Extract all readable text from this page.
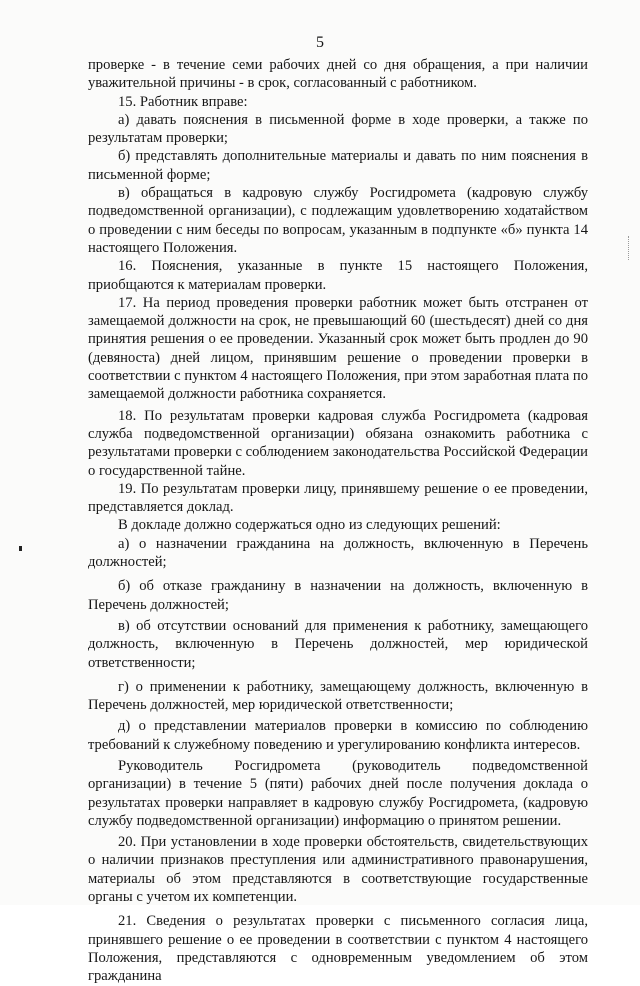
5

проверке - в течение семи рабочих дней со дня обращения, а при наличии уважительной причины - в срок, согласованный с работником.

15. Работник вправе:

а) давать пояснения в письменной форме в ходе проверки, а также по результатам проверки;

б) представлять дополнительные материалы и давать по ним пояснения в письменной форме;

в) обращаться в кадровую службу Росгидромета (кадровую службу подведомственной организации), с подлежащим удовлетворению ходатайством о проведении с ним беседы по вопросам, указанным в подпункте «б» пункта 14 настоящего Положения.

16. Пояснения, указанные в пункте 15 настоящего Положения, приобщаются к материалам проверки.

17. На период проведения проверки работник может быть отстранен от замещаемой должности на срок, не превышающий 60 (шестьдесят) дней со дня принятия решения о ее проведении. Указанный срок может быть продлен до 90 (девяноста) дней лицом, принявшим решение о проведении проверки в соответствии с пунктом 4 настоящего Положения, при этом заработная плата по замещаемой должности работника сохраняется.

18. По результатам проверки кадровая служба Росгидромета (кадровая служба подведомственной организации) обязана ознакомить работника с результатами проверки с соблюдением законодательства Российской Федерации о государственной тайне.

19. По результатам проверки лицу, принявшему решение о ее проведении, представляется доклад.

В докладе должно содержаться одно из следующих решений:

а) о назначении гражданина на должность, включенную в Перечень должностей;

б) об отказе гражданину в назначении на должность, включенную в Перечень должностей;

в) об отсутствии оснований для применения к работнику, замещающего должность, включенную в Перечень должностей, мер юридической ответственности;

г) о применении к работнику, замещающему должность, включенную в Перечень должностей, мер юридической ответственности;

д) о представлении материалов проверки в комиссию по соблюдению требований к служебному поведению и урегулированию конфликта интересов.

Руководитель Росгидромета (руководитель подведомственной организации) в течение 5 (пяти) рабочих дней после получения доклада о результатах проверки направляет в кадровую службу Росгидромета, (кадровую службу подведомственной организации) информацию о принятом решении.

20. При установлении в ходе проверки обстоятельств, свидетельствующих о наличии признаков преступления или административного правонарушения, материалы об этом представляются в соответствующие государственные органы с учетом их компетенции.

21. Сведения о результатах проверки с письменного согласия лица, принявшего решение о ее проведении в соответствии с пунктом 4 настоящего Положения, представляются с одновременным уведомлением об этом гражданина
